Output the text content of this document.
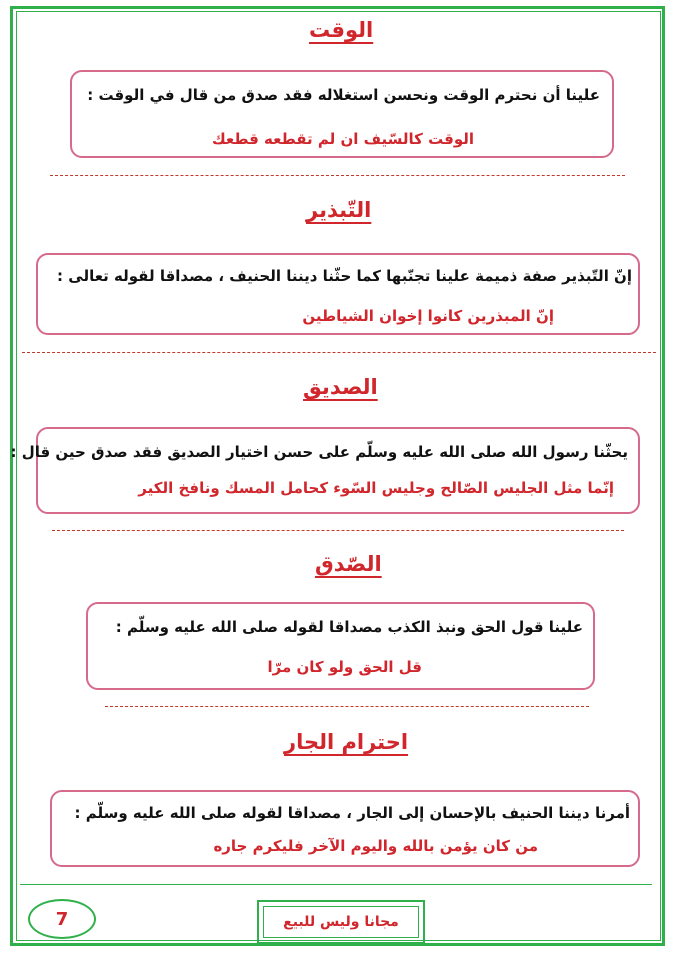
الوقت
علينا أن نحترم الوقت ونحسن استغلاله فقد صدق من قال في الوقت :
الوقت كالسّيف ان لم تقطعه قطعك
التّبذير
إنّ التّبذير صفة ذميمة علينا تجنّبها كما حثّنا ديننا الحنيف ، مصداقا لقوله تعالى :
إنّ المبذرين كانوا إخوان الشياطين
الصديق
يحثّنا رسول الله صلى الله عليه وسلّم على حسن اختيار الصديق فقد صدق حين قال :
إنّما مثل الجليس الصّالح وجليس السّوء كحامل المسك ونافخ الكير
الصّدق
علينا قول الحق ونبذ الكذب مصداقا لقوله صلى الله عليه وسلّم :
قل الحق ولو كان مرّا
احترام الجار
أمرنا ديننا الحنيف بالإحسان إلى الجار ، مصداقا لقوله صلى الله عليه وسلّم :
من كان يؤمن بالله واليوم الآخر فليكرم جاره
7	مجانا وليس للبيع
